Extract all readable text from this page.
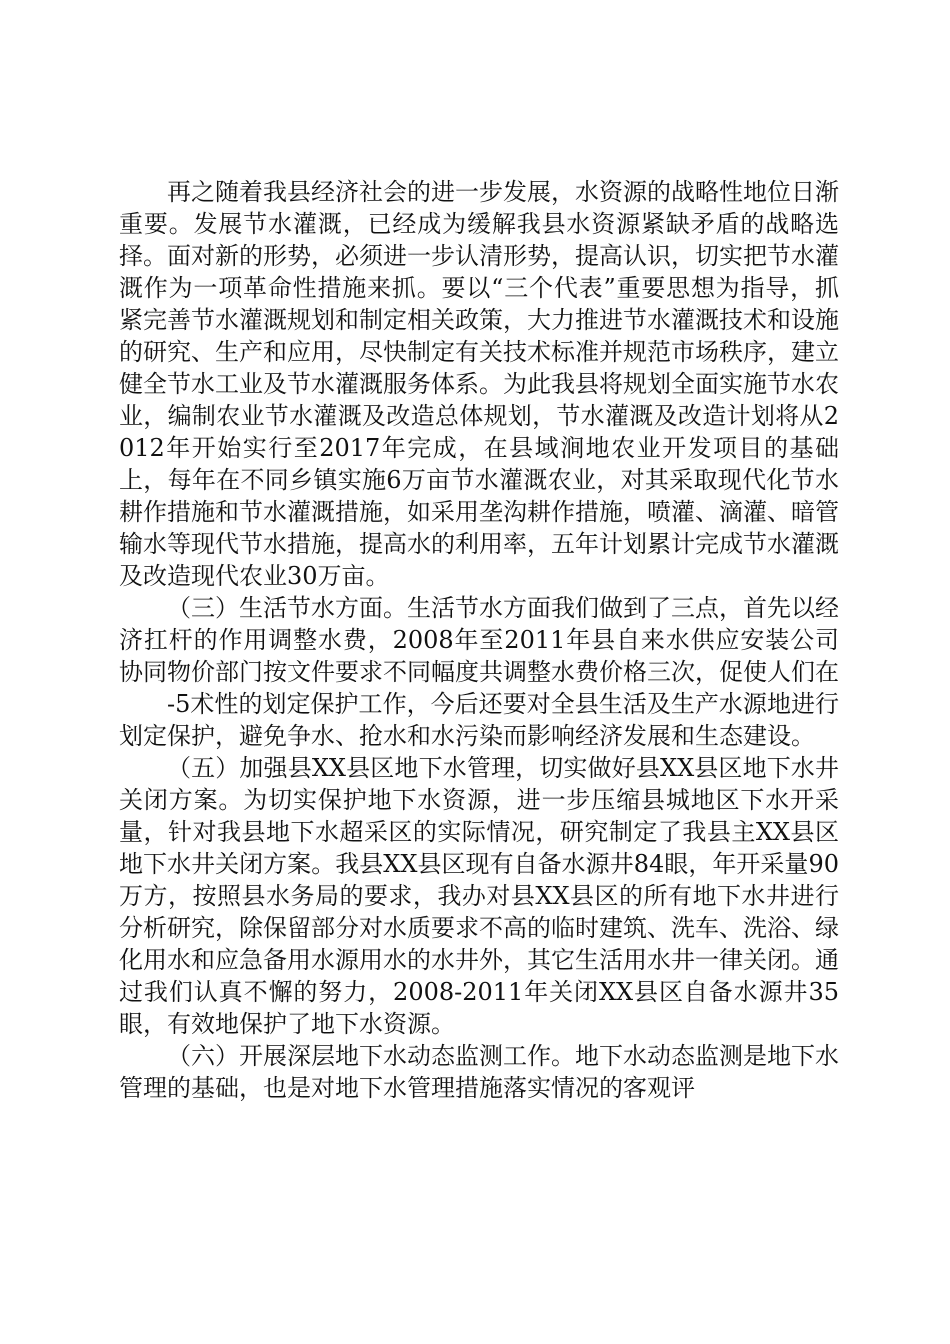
再之随着我县经济社会的进一步发展，水资源的战略性地位日渐重要。发展节水灌溉，已经成为缓解我县水资源紧缺矛盾的战略选择。面对新的形势，必须进一步认清形势，提高认识，切实把节水灌溉作为一项革命性措施来抓。要以“三个代表”重要思想为指导，抓紧完善节水灌溉规划和制定相关政策，大力推进节水灌溉技术和设施的研究、生产和应用，尽快制定有关技术标准并规范市场秩序，建立健全节水工业及节水灌溉服务体系。为此我县将规划全面实施节水农业，编制农业节水灌溉及改造总体规划，节水灌溉及改造计划将从2012年开始实行至2017年完成，在县域涧地农业开发项目的基础上，每年在不同乡镇实施6万亩节水灌溉农业，对其采取现代化节水耕作措施和节水灌溉措施，如采用垄沟耕作措施，喷灌、滴灌、暗管输水等现代节水措施，提高水的利用率，五年计划累计完成节水灌溉及改造现代农业30万亩。

（三）生活节水方面。生活节水方面我们做到了三点，首先以经济扛杆的作用调整水费，2008年至2011年县自来水供应安装公司协同物价部门按文件要求不同幅度共调整水费价格三次，促使人们在

-5术性的划定保护工作，今后还要对全县生活及生产水源地进行划定保护，避免争水、抢水和水污染而影响经济发展和生态建设。

（五）加强县XX县区地下水管理，切实做好县XX县区地下水井关闭方案。为切实保护地下水资源，进一步压缩县城地区下水开采量，针对我县地下水超采区的实际情况，研究制定了我县主XX县区地下水井关闭方案。我县XX县区现有自备水源井84眼，年开采量90万方，按照县水务局的要求，我办对县XX县区的所有地下水井进行分析研究，除保留部分对水质要求不高的临时建筑、洗车、洗浴、绿化用水和应急备用水源用水的水井外，其它生活用水井一律关闭。通过我们认真不懈的努力，2008-2011年关闭XX县区自备水源井35眼，有效地保护了地下水资源。

（六）开展深层地下水动态监测工作。地下水动态监测是地下水管理的基础，也是对地下水管理措施落实情况的客观评
